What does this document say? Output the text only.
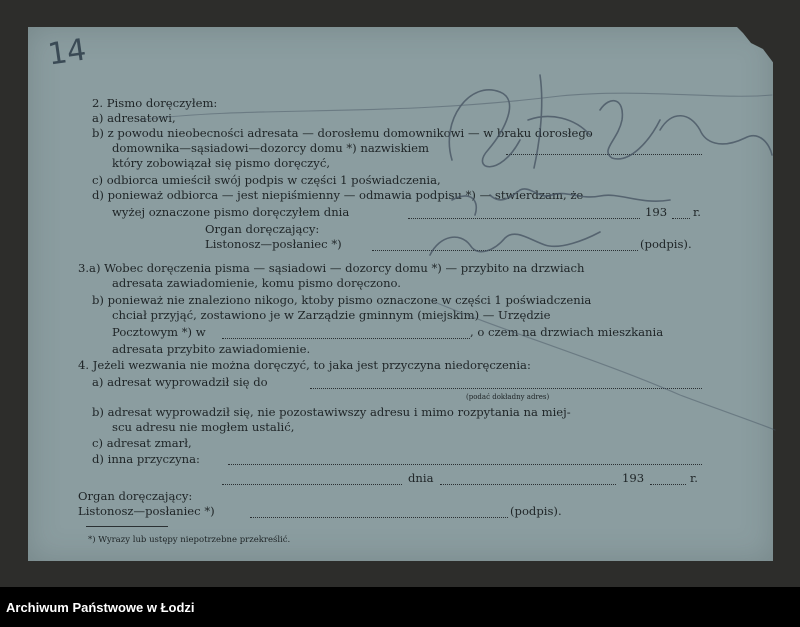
14
2. Pismo doręczyłem:
a) adresatowi,
b) z powodu nieobecności adresata — dorosłemu domownikowi — w braku dorosłego
domownika—sąsiadowi—dozorcy domu *) nazwiskiem
który zobowiązał się pismo doręczyć,
c) odbiorca umieścił swój podpis w części 1 poświadczenia,
d) ponieważ odbiorca — jest niepiśmienny — odmawia podpisu *) — stwierdzam, że
wyżej oznaczone pismo doręczyłem dnia	193 r.
Organ doręczający:
Listonosz—posłaniec *)	(podpis).
3.a) Wobec doręczenia pisma — sąsiadowi — dozorcy domu *) — przybito na drzwiach
adresata zawiadomienie, komu pismo doręczono.
b) ponieważ nie znaleziono nikogo, ktoby pismo oznaczone w części 1 poświadczenia
chciał przyjąć, zostawiono je w Zarządzie gminnym (miejskim) — Urzędzie
Pocztowym *) w	, o czem na drzwiach mieszkania
adresata przybito zawiadomienie.
4. Jeżeli wezwania nie można doręczyć, to jaka jest przyczyna niedoręczenia:
a) adresat wyprowadził się do
(podać dokładny adres)
b) adresat wyprowadził się, nie pozostawiwszy adresu i mimo rozpytania na miej-
scu adresu nie mogłem ustalić,
c) adresat zmarł,
d) inna przyczyna:
dnia	193	r.
Organ doręczający:
Listonosz—posłaniec *)	(podpis).
*) Wyrazy lub ustępy niepotrzebne przekreślić.
Archiwum Państwowe w Łodzi
